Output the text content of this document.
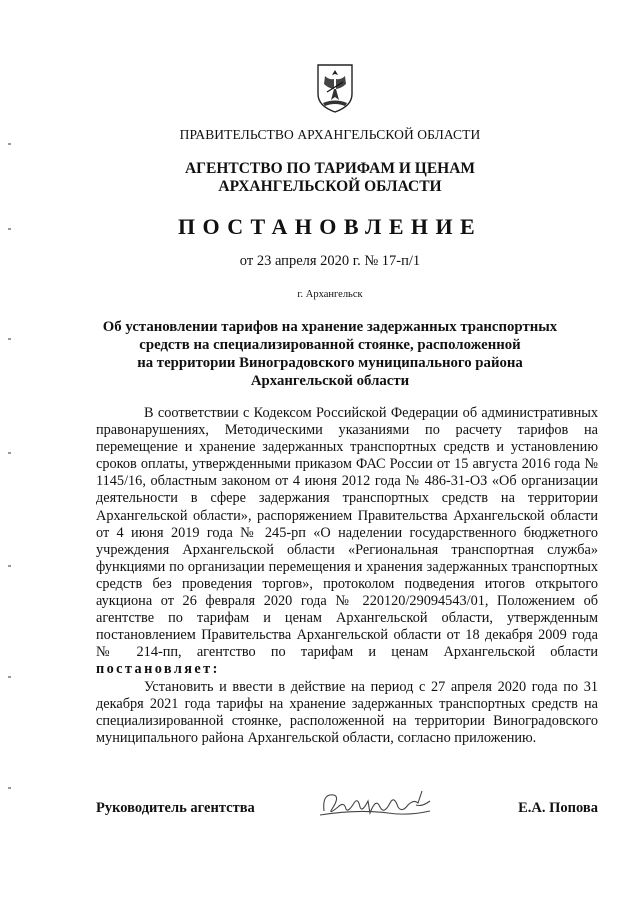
ПРАВИТЕЛЬСТВО АРХАНГЕЛЬСКОЙ ОБЛАСТИ
АГЕНТСТВО ПО ТАРИФАМ И ЦЕНАМ
АРХАНГЕЛЬСКОЙ ОБЛАСТИ
ПОСТАНОВЛЕНИЕ
от 23 апреля 2020 г. № 17-п/1
г. Архангельск
Об установлении тарифов на хранение задержанных транспортных
средств на специализированной стоянке, расположенной
на территории Виноградовского муниципального района
Архангельской области

В соответствии с Кодексом Российской Федерации об административных правонарушениях, Методическими указаниями по расчету тарифов на перемещение и хранение задержанных транспортных средств и установлению сроков оплаты, утвержденными приказом ФАС России от 15 августа 2016 года № 1145/16, областным законом от 4 июня 2012 года № 486-31-ОЗ «Об организации деятельности в сфере задержания транспортных средств на территории Архангельской области», распоряжением Правительства Архангельской области от 4 июня 2019 года № 245-рп «О наделении государственного бюджетного учреждения Архангельской области «Региональная транспортная служба» функциями по организации перемещения и хранения задержанных транспортных средств без проведения торгов», протоколом подведения итогов открытого аукциона от 26 февраля 2020 года № 220120/29094543/01, Положением об агентстве по тарифам и ценам Архангельской области, утвержденным постановлением Правительства Архангельской области от 18 декабря 2009 года № 214-пп, агентство по тарифам и ценам Архангельской области постановляет:

Установить и ввести в действие на период с 27 апреля 2020 года по 31 декабря 2021 года тарифы на хранение задержанных транспортных средств на специализированной стоянке, расположенной на территории Виноградовского муниципального района Архангельской области, согласно приложению.

Руководитель агентства	Е.А. Попова
